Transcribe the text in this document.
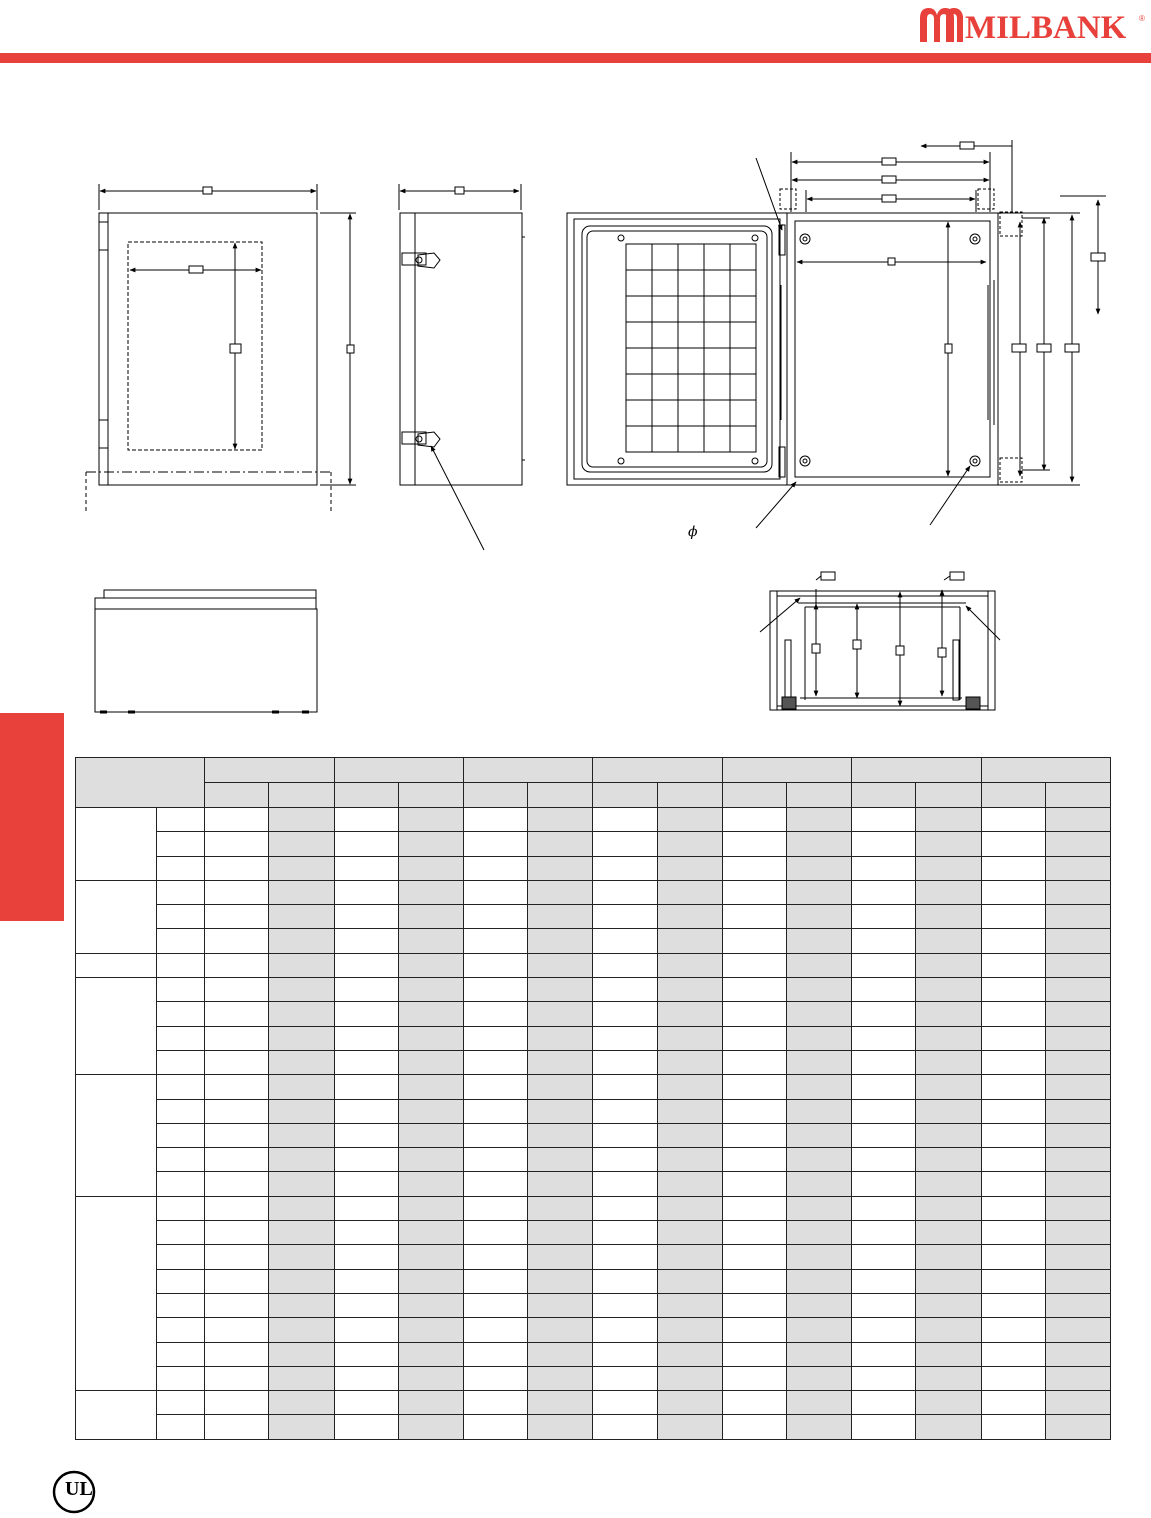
MILBANK ®
ϕ

UL
